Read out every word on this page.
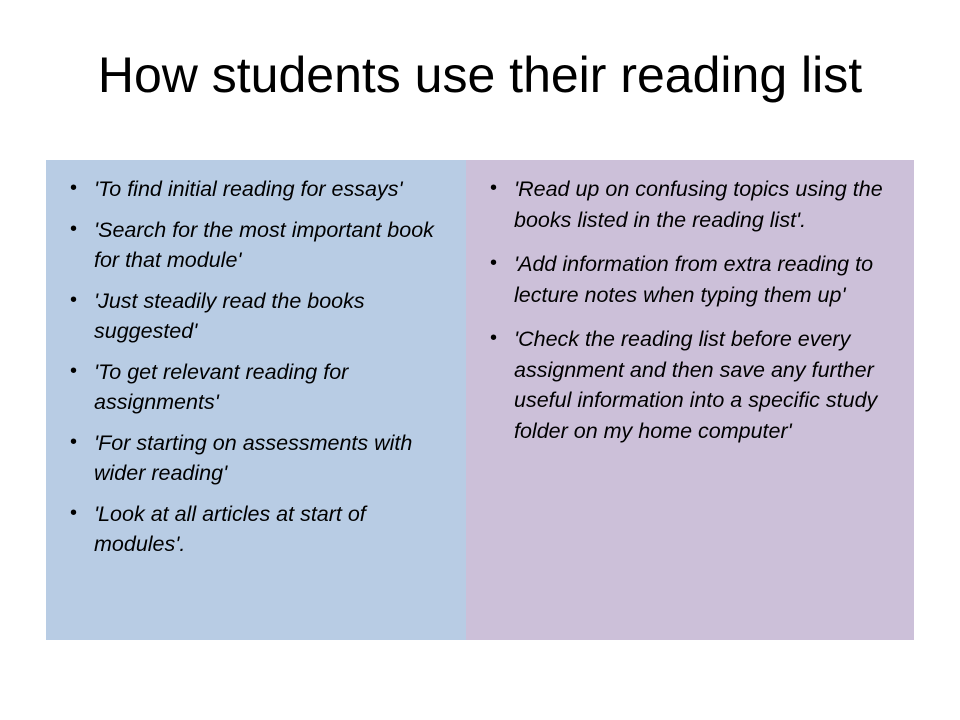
How students use their reading list
• 'To find initial reading for essays'
• 'Search for the most important book for that module'
• 'Just steadily read the books suggested'
• 'To get relevant reading for assignments'
• 'For starting on assessments with wider reading'
• 'Look at all articles at start of modules'.
• 'Read up on confusing topics using the books listed in the reading list'.
• 'Add information from extra reading to lecture notes when typing them up'
• 'Check the reading list before every assignment and then save any further useful information into a specific study folder on my home computer'
